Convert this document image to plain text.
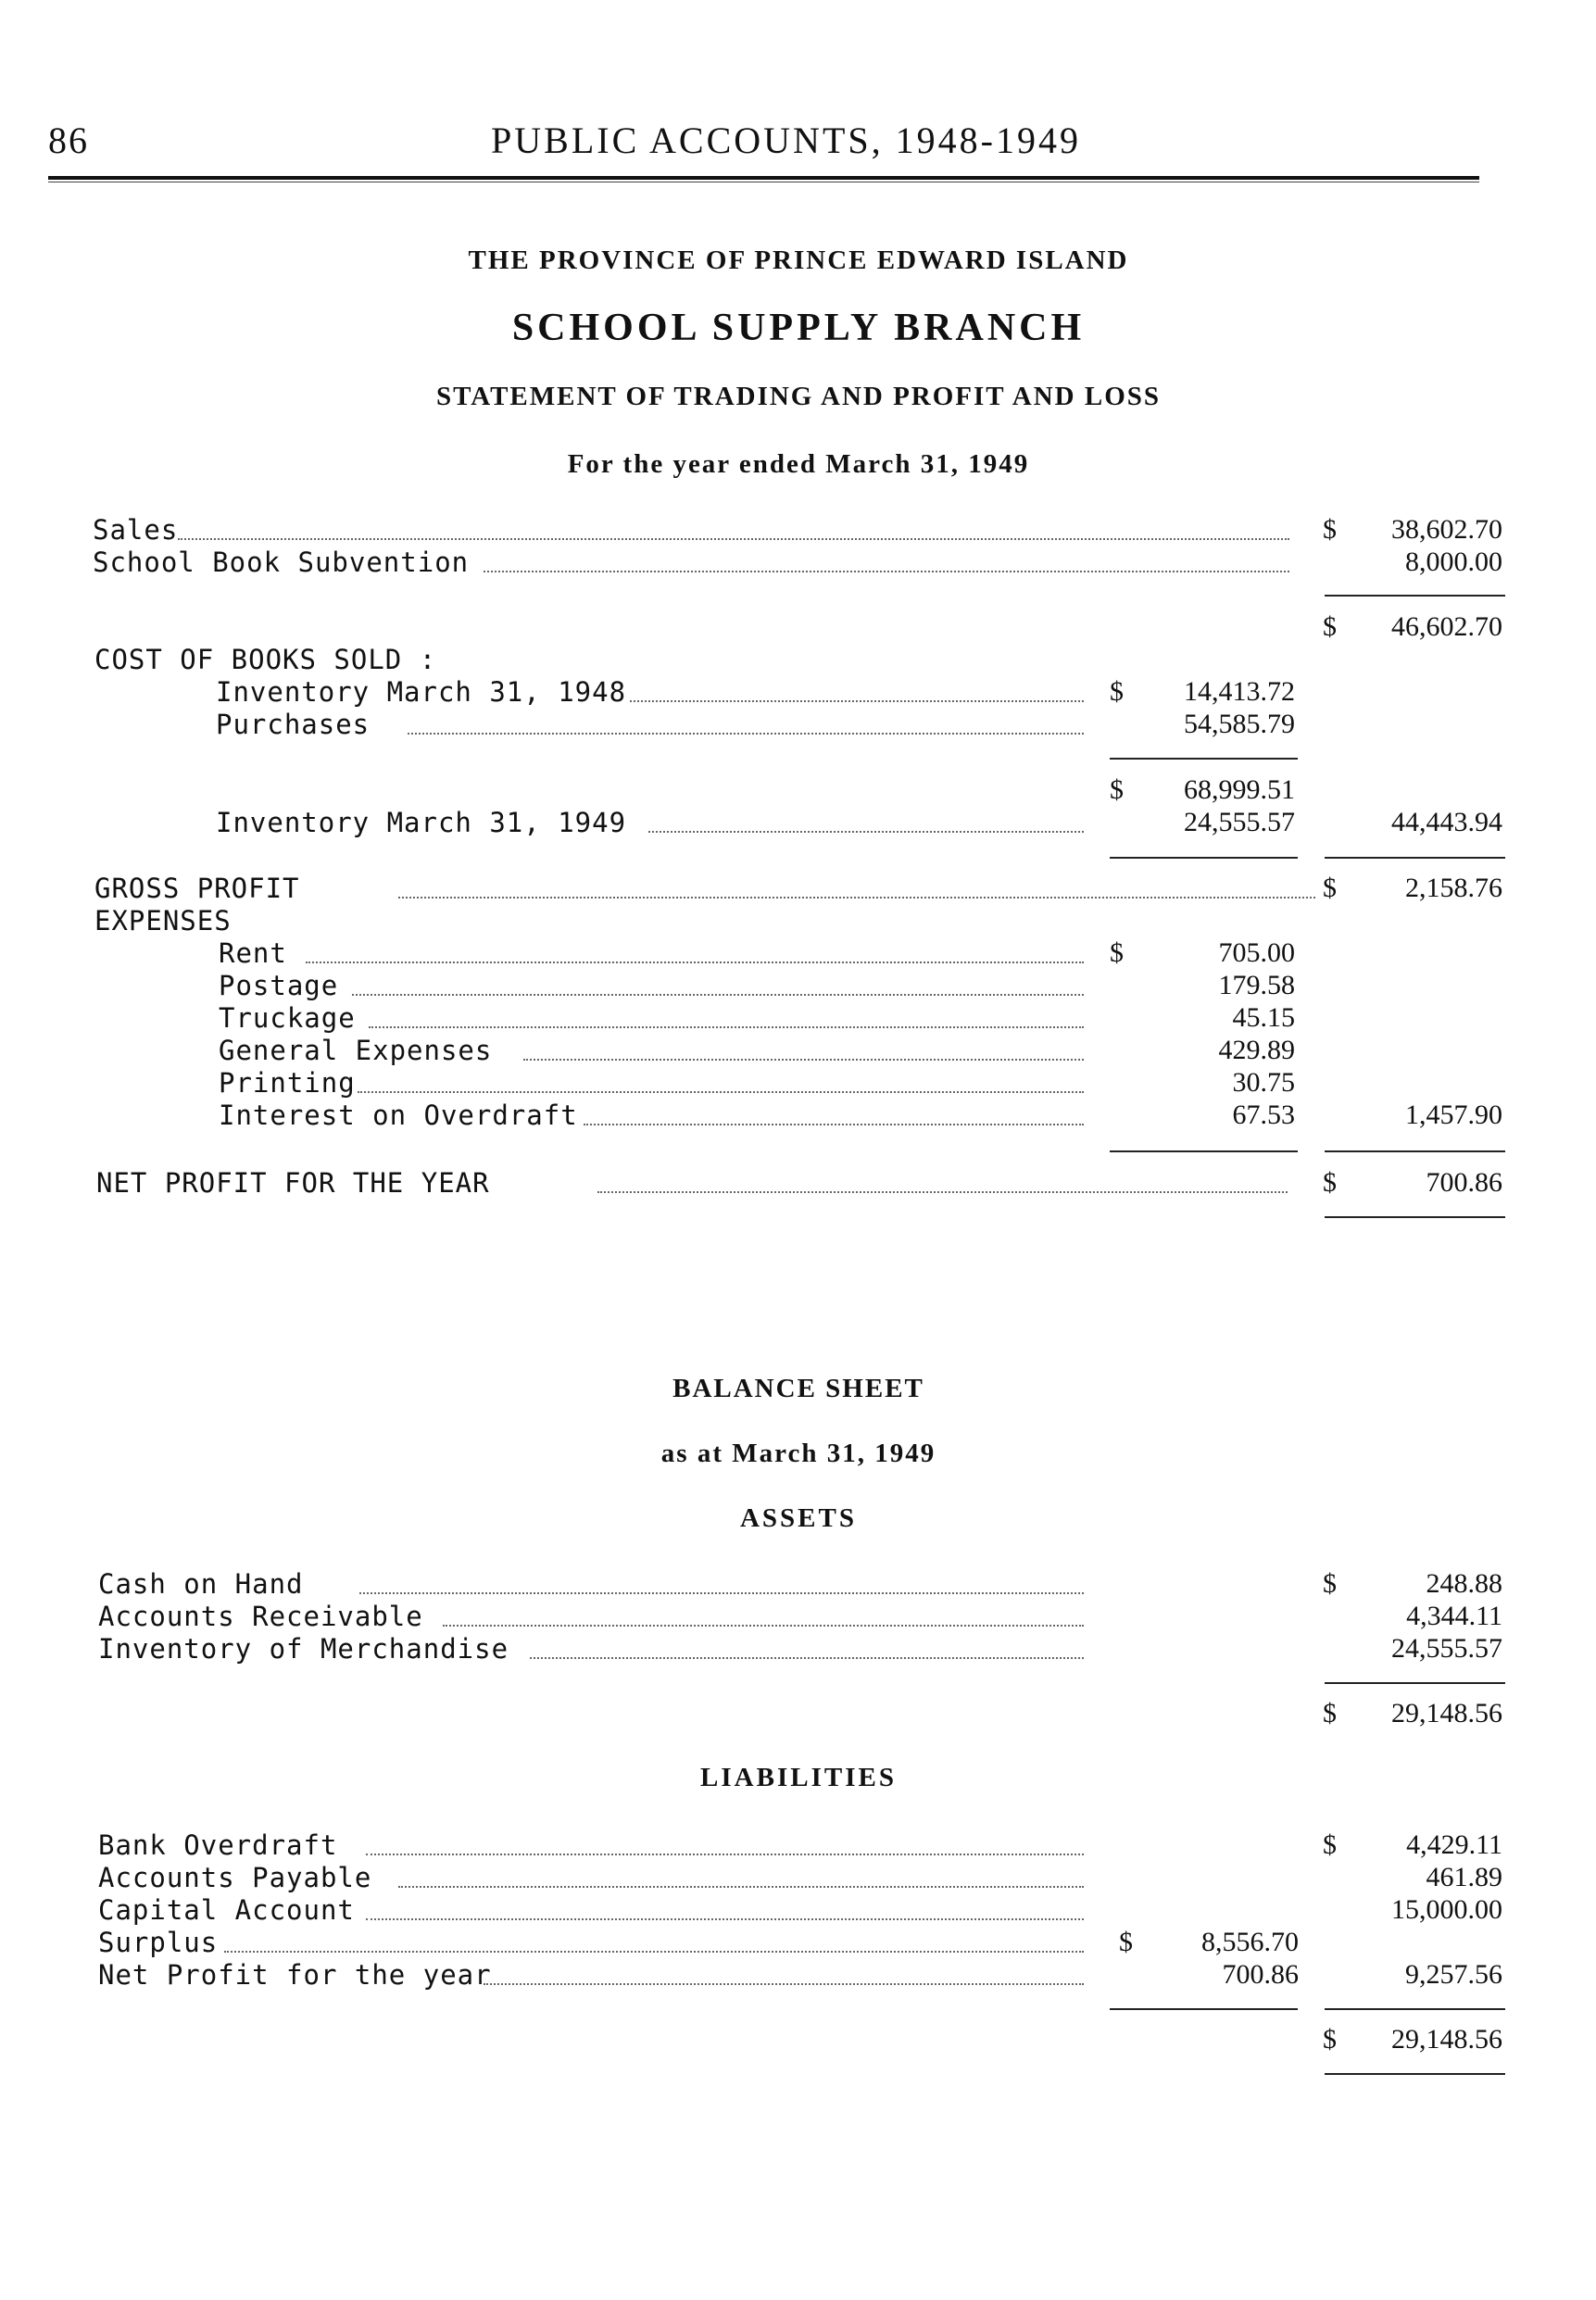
86	PUBLIC ACCOUNTS, 1948-1949
THE PROVINCE OF PRINCE EDWARD ISLAND
SCHOOL SUPPLY BRANCH
STATEMENT OF TRADING AND PROFIT AND LOSS
For the year ended March 31, 1949
Sales	$	38,602.70
School Book Subvention	8,000.00
$	46,602.70
COST OF BOOKS SOLD :
Inventory March 31, 1948	$	14,413.72
Purchases	54,585.79
$	68,999.51
Inventory March 31, 1949	24,555.57	44,443.94
GROSS PROFIT	$	2,158.76
EXPENSES
Rent	$	705.00
Postage	179.58
Truckage	45.15
General Expenses	429.89
Printing	30.75
Interest on Overdraft	67.53	1,457.90
NET PROFIT FOR THE YEAR	$	700.86
BALANCE SHEET
as at March 31, 1949
ASSETS
Cash on Hand	$	248.88
Accounts Receivable	4,344.11
Inventory of Merchandise	24,555.57
$	29,148.56
LIABILITIES
Bank Overdraft	$	4,429.11
Accounts Payable	461.89
Capital Account	15,000.00
Surplus	$	8,556.70
Net Profit for the year	700.86	9,257.56
$	29,148.56
